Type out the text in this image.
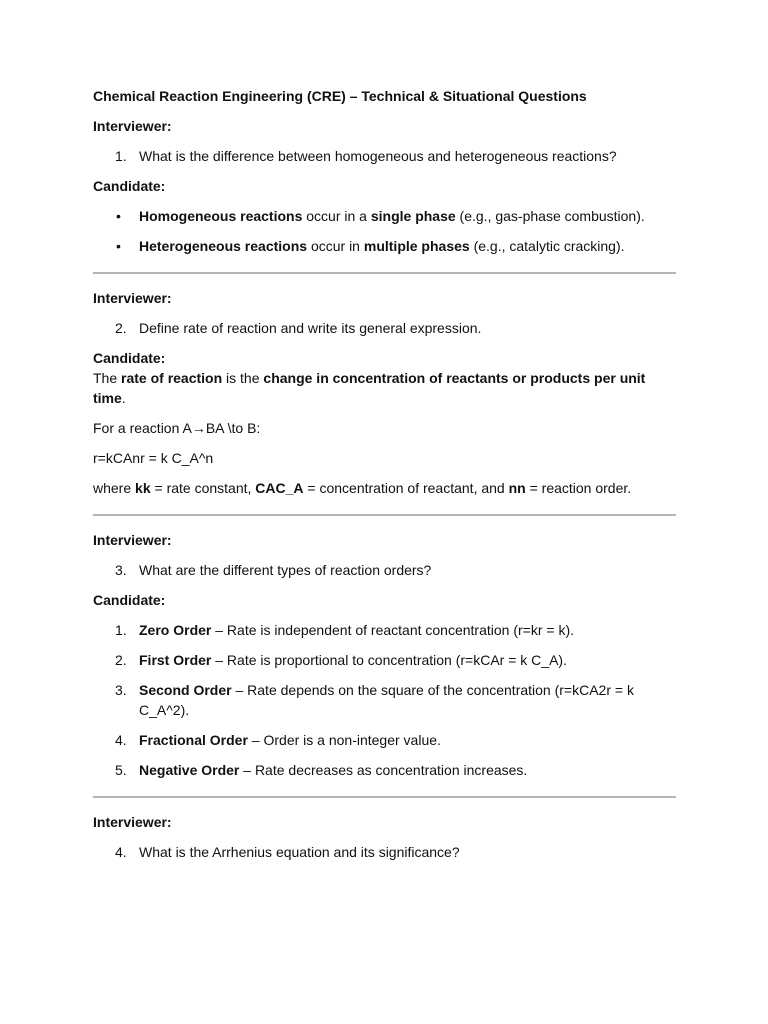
Chemical Reaction Engineering (CRE) – Technical & Situational Questions

Interviewer:

1. What is the difference between homogeneous and heterogeneous reactions?

Candidate:

• Homogeneous reactions occur in a single phase (e.g., gas-phase combustion).
• Heterogeneous reactions occur in multiple phases (e.g., catalytic cracking).

Interviewer:

2. Define rate of reaction and write its general expression.

Candidate:

The rate of reaction is the change in concentration of reactants or products per unit time.

For a reaction A→BA \to B:

r=kCAnr = k C_A^n

where kk = rate constant, CAC_A = concentration of reactant, and nn = reaction order.

Interviewer:

3. What are the different types of reaction orders?

Candidate:

1. Zero Order – Rate is independent of reactant concentration (r=kr = k).
2. First Order – Rate is proportional to concentration (r=kCAr = k C_A).
3. Second Order – Rate depends on the square of the concentration (r=kCA2r = k C_A^2).
4. Fractional Order – Order is a non-integer value.
5. Negative Order – Rate decreases as concentration increases.

Interviewer:

4. What is the Arrhenius equation and its significance?
